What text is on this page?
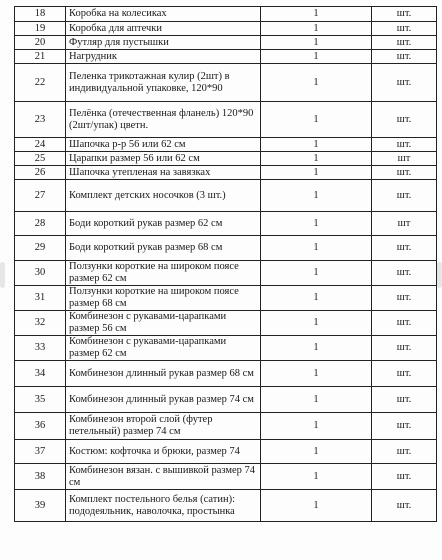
18	Коробка на колесиках	1	шт.	
19	Коробка для аптечки	1	шт.	
20	Футляр для пустышки	1	шт.	
21	Нагрудник	1	шт.	
22	Пеленка трикотажная кулир (2шт) в индивидуальной упаковке, 120*90	1	шт.	
23	Пелёнка (отечественная фланель) 120*90 (2шт/упак) цветн.	1	шт.	
24	Шапочка р-р 56 или 62 см	1	шт.	
25	Царапки размер 56 или 62 см	1	шт	
26	Шапочка утепленая на завязках	1	шт.	
27	Комплект детских носочков (3 шт.)	1	шт.	
28	Боди короткий рукав размер 62 см	1	шт	
29	Боди короткий рукав размер 68 см	1	шт.	
30	Ползунки короткие на широком поясе размер 62 см	1	шт.	
31	Ползунки короткие на широком поясе размер 68 см	1	шт.	
32	Комбинезон с рукавами-царапками размер 56 см	1	шт.	
33	Комбинезон с рукавами-царапками размер 62 см	1	шт.	
34	Комбинезон длинный рукав размер 68 см	1	шт.	
35	Комбинезон длинный рукав размер 74 см	1	шт.	
36	Комбинезон второй слой (футер петельный) размер 74 см	1	шт.	
37	Костюм: кофточка и брюки, размер 74	1	шт.	
38	Комбинезон вязан. с вышивкой размер 74 см	1	шт.	
39	Комплект постельного белья (сатин): пододеяльник, наволочка, простынка	1	шт.	
